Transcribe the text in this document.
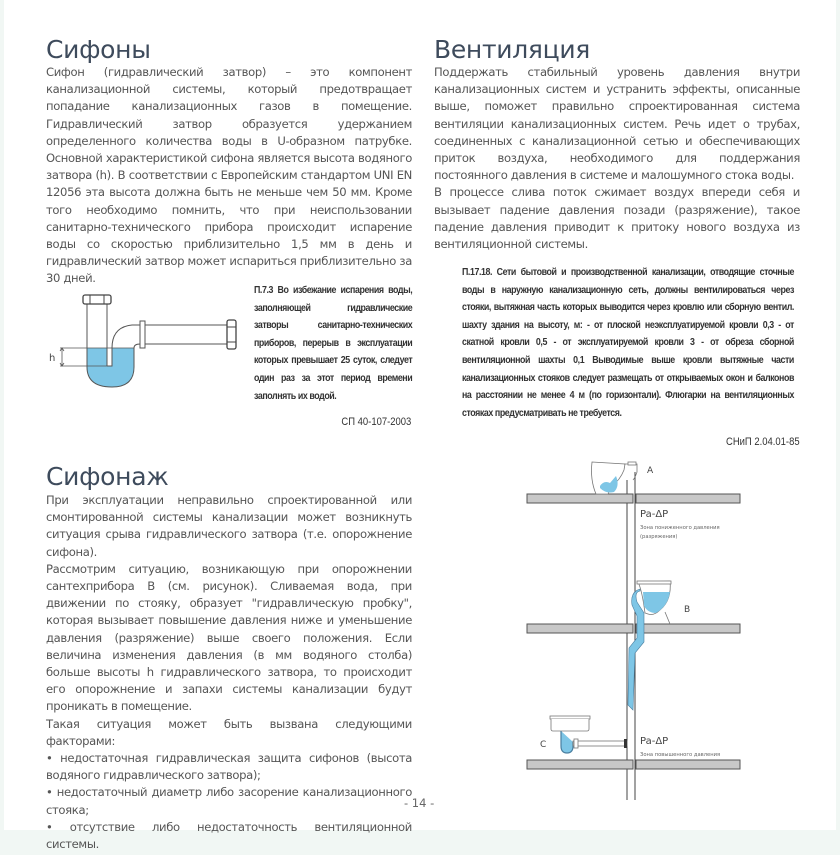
Сифоны

Сифон (гидравлический затвор) – это компонент канализационной системы, который предотвращает попадание канализационных газов в помещение. Гидравлический затвор образуется удержанием определенного количества воды в U-образном патрубке. Основной характеристикой сифона является высота водяного затвора (h). В соответствии с Европейским стандартом UNI EN 12056 эта высота должна быть не меньше чем 50 мм. Кроме того необходимо помнить, что при неиспользовании санитарно-технического прибора происходит испарение воды со скоростью приблизительно 1,5 мм в день и гидравлический затвор может испариться приблизительно за 30 дней.

h
П.7.3 Во избежание испарения воды, заполняющей гидравлические затворы санитарно-технических приборов, перерыв в эксплуатации которых превышает 25 суток, следует один раз за этот период времени заполнять их водой.
СП 40-107-2003
Сифонаж

При эксплуатации неправильно спроектированной или смонтированной системы канализации может возникнуть ситуация срыва гидравлического затвора (т.е. опорожнение сифона).

Рассмотрим ситуацию, возникающую при опорожнении сантехприбора В (см. рисунок). Сливаемая вода, при движении по стояку, образует "гидравлическую пробку", которая вызывает повышение давления ниже и уменьшение давления (разряжение) выше своего положения. Если величина изменения давления (в мм водяного столба) больше высоты h гидравлического затвора, то происходит его опорожнение и запахи системы канализации будут проникать в помещение.

Такая ситуация может быть вызвана следующими факторами:

• недостаточная гидравлическая защита сифонов (высота водяного гидравлического затвора);
• недостаточный диаметр либо засорение канализационного стояка;
• отсутствие либо недостаточность вентиляционной системы.
- 14 -
Вентиляция

Поддержать стабильный уровень давления внутри канализационных систем и устранить эффекты, описанные выше, поможет правильно спроектированная система вентиляции канализационных систем. Речь идет о трубах, соединенных с канализационной сетью и обеспечивающих приток воздуха, необходимого для поддержания постоянного давления в системе и малошумного стока воды.

В процессе слива поток сжимает воздух впереди себя и вызывает падение давления позади (разряжение), такое падение давления приводит к притоку нового воздуха из вентиляционной системы.

П.17.18. Сети бытовой и производственной канализации, отводящие сточные воды в наружную канализационную сеть, должны вентилироваться через стояки, вытяжная часть которых выводится через кровлю или сборную вентил. шахту здания на высоту, м: - от плоской неэксплуатируемой кровли 0,3 - от скатной кровли 0,5 - от эксплуатируемой кровли 3 - от обреза сборной вентиляционной шахты 0,1 Выводимые выше кровли вытяжные части канализационных стояков следует размещать от открываемых окон и балконов на расстоянии не менее 4 м (по горизонтали). Флюгарки на вентиляционных стояках предусматривать не требуется.
СНиП 2.04.01-85
A
Pa-ΔP
Зона пониженного давления
(разряжения)
B
C	Pa-ΔP
Зона повышенного давления
